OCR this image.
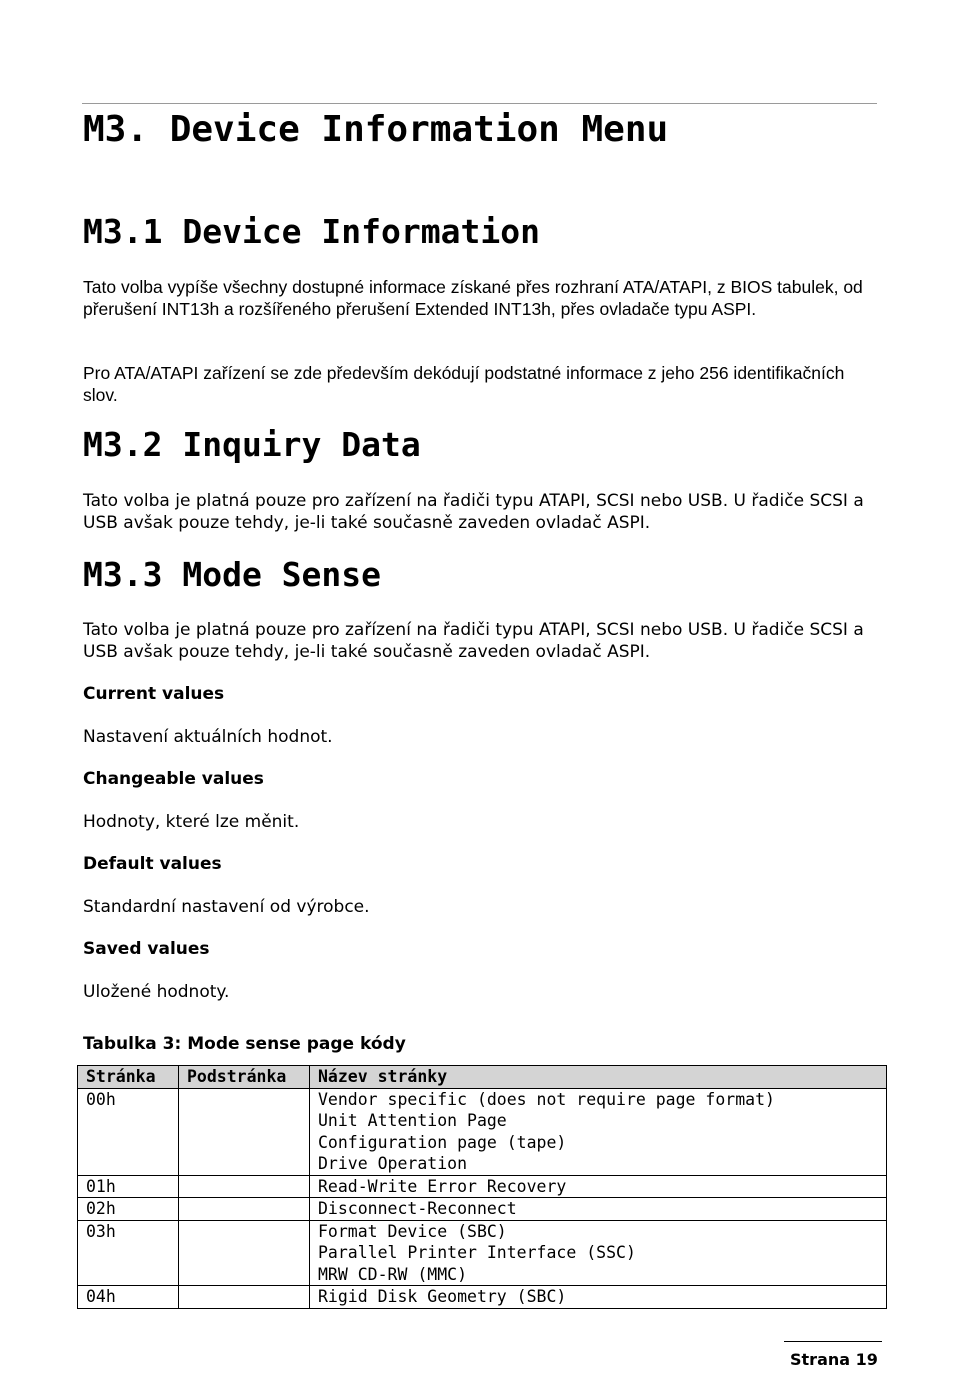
M3. Device Information Menu
M3.1 Device Information

Tato volba vypíše všechny dostupné informace získané přes rozhraní ATA/ATAPI, z BIOS tabulek, od přerušení INT13h a rozšířeného přerušení Extended INT13h, přes ovladače typu ASPI.

Pro ATA/ATAPI zařízení se zde především dekódují podstatné informace z jeho 256 identifikačních slov.

M3.2 Inquiry Data

Tato volba je platná pouze pro zařízení na řadiči typu ATAPI, SCSI nebo USB. U řadiče SCSI a USB avšak pouze tehdy, je-li také současně zaveden ovladač ASPI.

M3.3 Mode Sense

Tato volba je platná pouze pro zařízení na řadiči typu ATAPI, SCSI nebo USB. U řadiče SCSI a USB avšak pouze tehdy, je-li také současně zaveden ovladač ASPI.

Current values

Nastavení aktuálních hodnot.

Changeable values

Hodnoty, které lze měnit.

Default values

Standardní nastavení od výrobce.

Saved values

Uložené hodnoty.

Tabulka 3: Mode sense page kódy

Stránka	Podstránka	Název stránky
00h		Vendor specific (does not require page format)
Unit Attention Page
Configuration page (tape)
Drive Operation

01h		Read-Write Error Recovery

02h		Disconnect-Reconnect

03h		Format Device (SBC)
Parallel Printer Interface (SSC)
MRW CD-RW (MMC)

04h		Rigid Disk Geometry (SBC)
Strana 19
